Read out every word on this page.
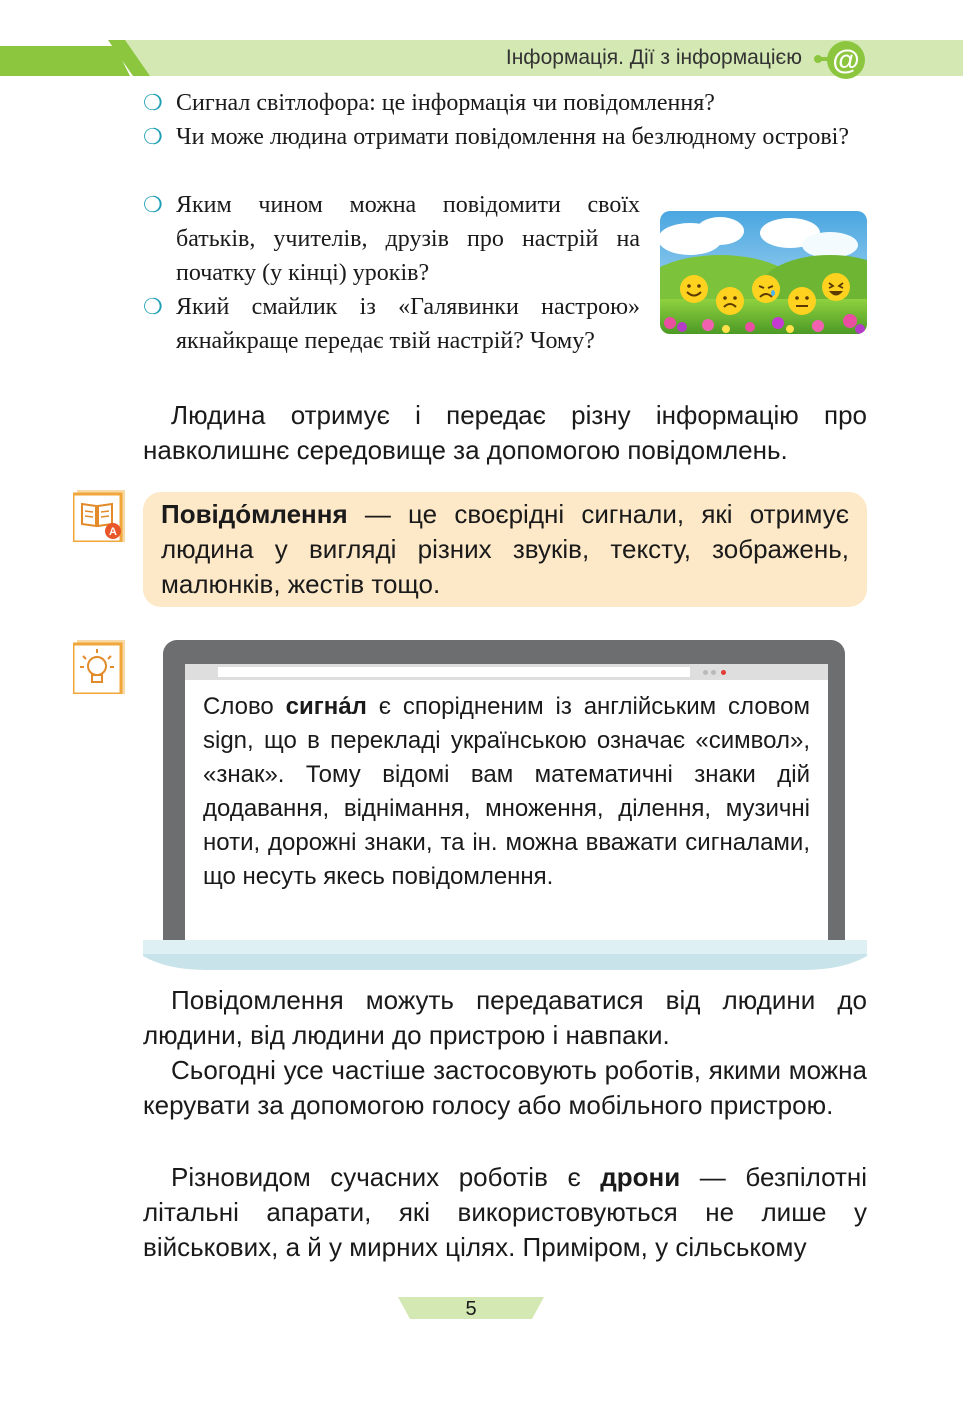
Інформація. Дії з інформацією @
❍ Сигнал світлофора: це інформація чи повідомлення?
❍ Чи може людина отримати повідомлення на безлюдному острові?
❍ Яким чином можна повідомити своїх батьків, учителів, друзів про настрій на початку (у кінці) уроків?
❍ Який смайлик із «Галявинки настрою» якнайкраще передає твій настрій? Чому?
Людина отримує і передає різну інформацію про навколишнє середовище за допомогою повідомлень.
A
Повідо́млення — це своєрідні сигнали, які отримує людина у вигляді різних звуків, тексту, зображень, малюнків, жестів тощо.
Слово сигна́л є спорідненим із англійським словом sign, що в перекладі українською означає «символ», «знак». Тому відомі вам математичні знаки дій додавання, віднімання, множення, ділення, музичні ноти, дорожні знаки, та ін. можна вважати сигналами, що несуть якесь повідомлення.
Повідомлення можуть передаватися від людини до людини, від людини до пристрою і навпаки.
Сьогодні усе частіше застосовують роботів, якими можна керувати за допомогою голосу або мобільного пристрою.
Різновидом сучасних роботів є дрони — безпілотні літальні апарати, які використовуються не лише у військових, а й у мирних цілях. Приміром, у сільському
5
